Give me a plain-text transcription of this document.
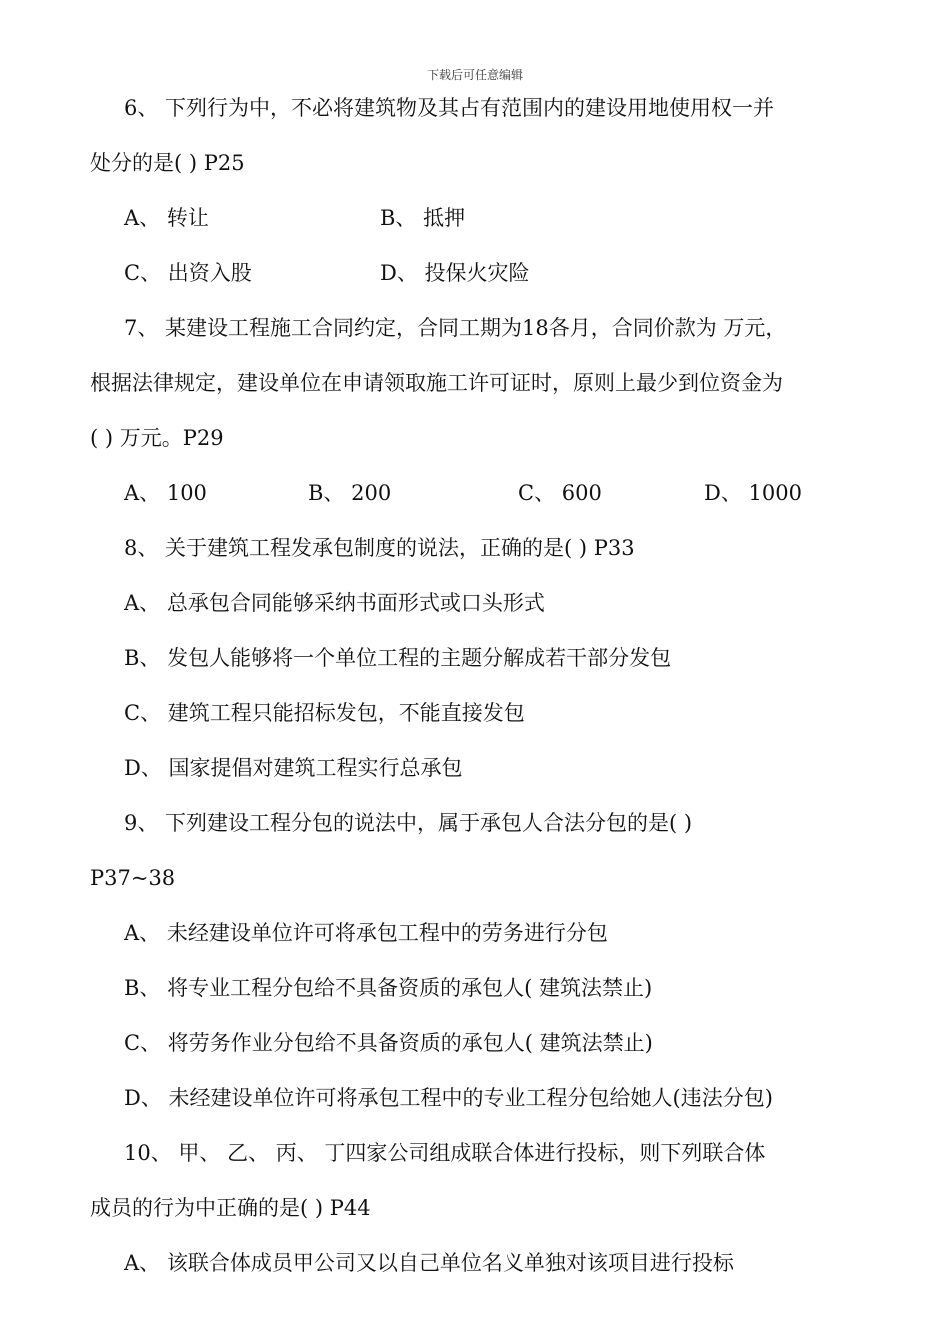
下载后可任意编辑
6、 下列行为中，不必将建筑物及其占有范围内的建设用地使用权一并
处分的是( ) P25
A、 转让	B、 抵押
C、 出资入股	D、 投保火灾险
7、 某建设工程施工合同约定，合同工期为18各月，合同价款为 万元，
根据法律规定，建设单位在申请领取施工许可证时，原则上最少到位资金为
( ) 万元。P29
A、 100	B、 200	C、 600	D、 1000
8、 关于建筑工程发承包制度的说法，正确的是( ) P33
A、 总承包合同能够采纳书面形式或口头形式
B、 发包人能够将一个单位工程的主题分解成若干部分发包
C、 建筑工程只能招标发包，不能直接发包
D、 国家提倡对建筑工程实行总承包
9、 下列建设工程分包的说法中，属于承包人合法分包的是( )
P37~38
A、 未经建设单位许可将承包工程中的劳务进行分包
B、 将专业工程分包给不具备资质的承包人( 建筑法禁止)
C、 将劳务作业分包给不具备资质的承包人( 建筑法禁止)
D、 未经建设单位许可将承包工程中的专业工程分包给她人(违法分包)
10、 甲、 乙、 丙、 丁四家公司组成联合体进行投标，则下列联合体
成员的行为中正确的是( ) P44
A、 该联合体成员甲公司又以自己单位名义单独对该项目进行投标
